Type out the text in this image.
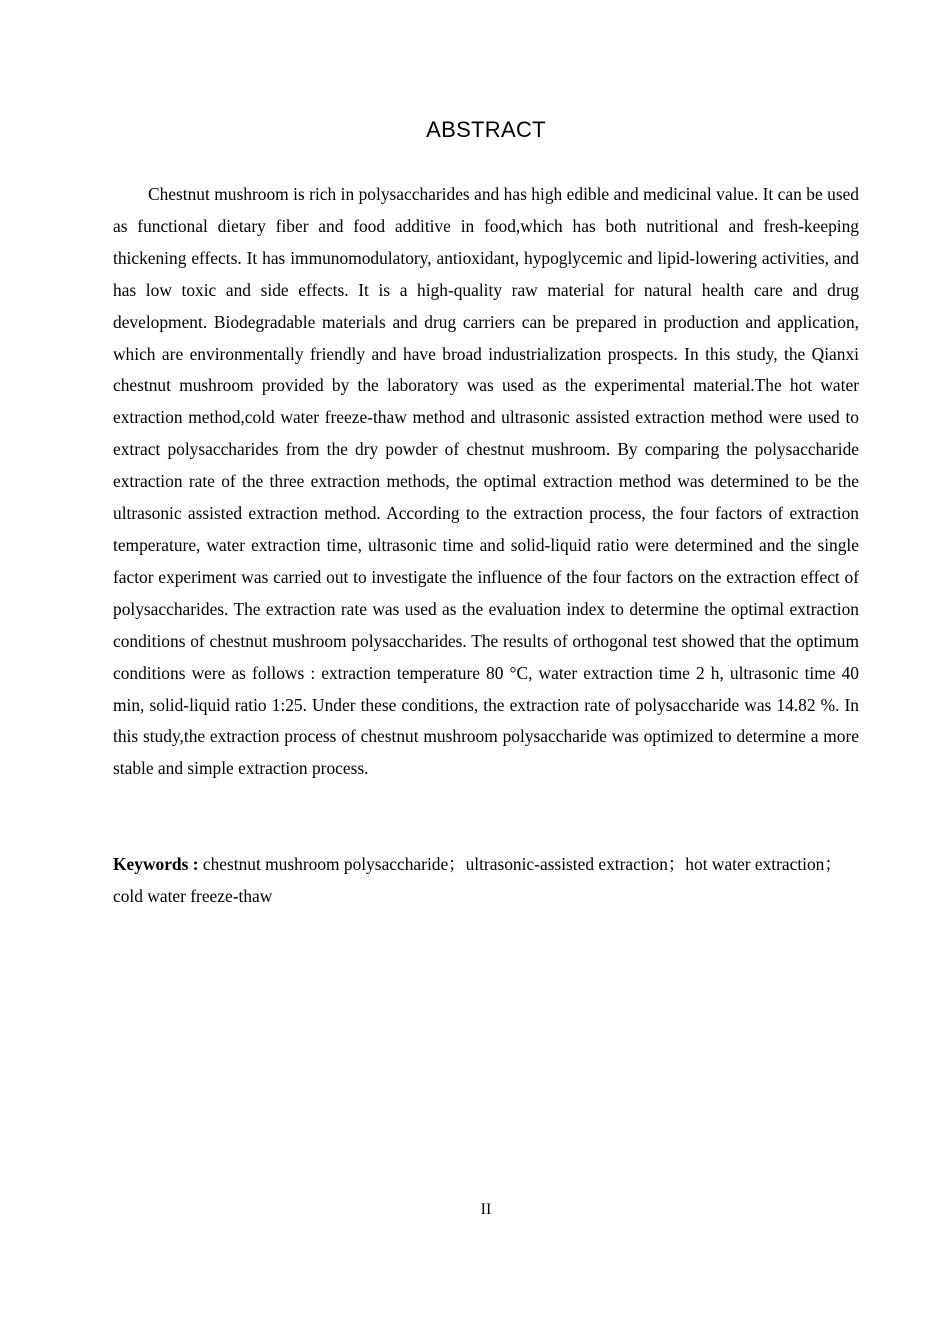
ABSTRACT

Chestnut mushroom is rich in polysaccharides and has high edible and medicinal value. It can be used as functional dietary fiber and food additive in food,which has both nutritional and fresh-keeping thickening effects. It has immunomodulatory, antioxidant, hypoglycemic and lipid-lowering activities, and has low toxic and side effects. It is a high-quality raw material for natural health care and drug development. Biodegradable materials and drug carriers can be prepared in production and application, which are environmentally friendly and have broad industrialization prospects. In this study, the Qianxi chestnut mushroom provided by the laboratory was used as the experimental material.The hot water extraction method,cold water freeze-thaw method and ultrasonic assisted extraction method were used to extract polysaccharides from the dry powder of chestnut mushroom. By comparing the polysaccharide extraction rate of the three extraction methods, the optimal extraction method was determined to be the ultrasonic assisted extraction method. According to the extraction process, the four factors of extraction temperature, water extraction time, ultrasonic time and solid-liquid ratio were determined and the single factor experiment was carried out to investigate the influence of the four factors on the extraction effect of polysaccharides. The extraction rate was used as the evaluation index to determine the optimal extraction conditions of chestnut mushroom polysaccharides. The results of orthogonal test showed that the optimum conditions were as follows : extraction temperature 80 °C, water extraction time 2 h, ultrasonic time 40 min, solid-liquid ratio 1:25. Under these conditions, the extraction rate of polysaccharide was 14.82 %. In this study,the extraction process of chestnut mushroom polysaccharide was optimized to determine a more stable and simple extraction process.

Keywords : chestnut mushroom polysaccharide；ultrasonic-assisted extraction；hot water extraction；cold water freeze-thaw

II
